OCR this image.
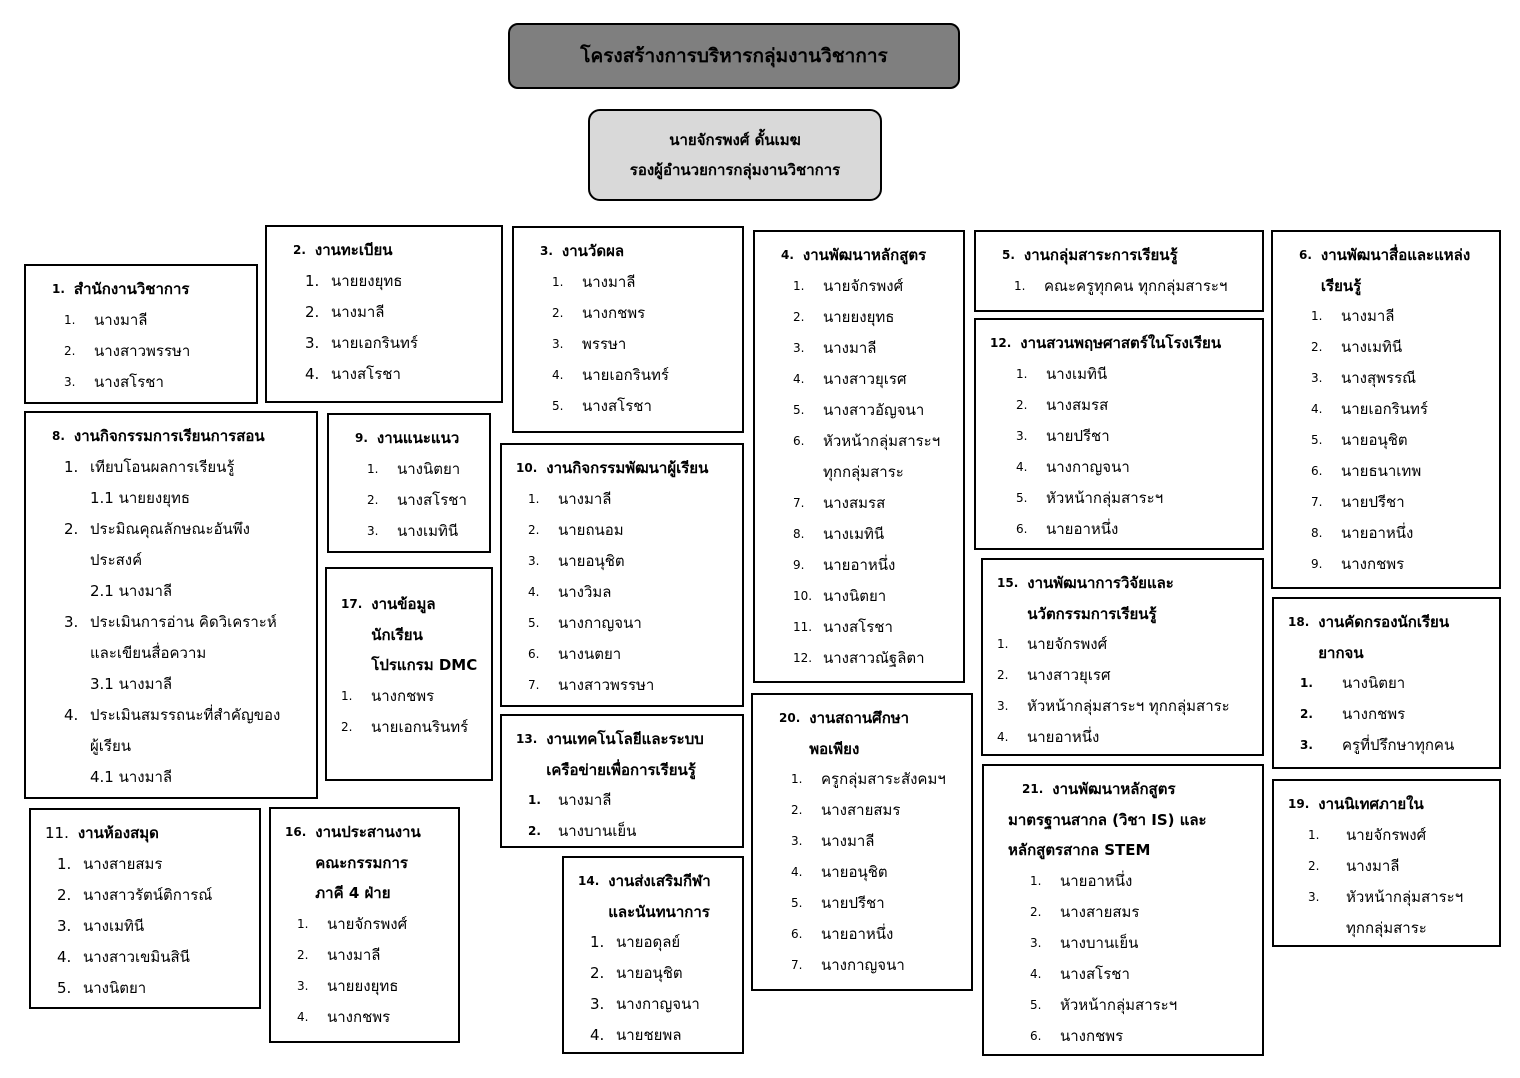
โครงสร้างการบริหารกลุ่มงานวิชาการ
นายจักรพงศ์ ดั้นเมฆ
รองผู้อำนวยการกลุ่มงานวิชาการ
1. สำนักงานวิชาการ
1.	นางมาลี
2.	นางสาวพรรษา
3.	นางสโรชา
2. งานทะเบียน
1. นายยงยุทธ
2. นางมาลี
3. นายเอกรินทร์
4. นางสโรชา
3. งานวัดผล
1.	นางมาลี
2.	นางกชพร
3.	พรรษา
4.	นายเอกรินทร์
5.	นางสโรชา
4. งานพัฒนาหลักสูตร
1.	นายจักรพงศ์
2.	นายยงยุทธ
3.	นางมาลี
4.	นางสาวยุเรศ
5.	นางสาวอัญจนา
6.	หัวหน้ากลุ่มสาระฯ
ทุกกลุ่มสาระ
7.	นางสมรส
8.	นางเมทินี
9.	นายอาหนึ่ง
10. นางนิตยา
11. นางสโรชา
12. นางสาวณัฐลิตา
5. งานกลุ่มสาระการเรียนรู้
1.	คณะครูทุกคน ทุกกลุ่มสาระฯ
6. งานพัฒนาสื่อและแหล่ง
เรียนรู้
1.	นางมาลี
2.	นางเมทินี
3.	นางสุพรรณี
4.	นายเอกรินทร์
5.	นายอนุชิต
6.	นายธนาเทพ
7.	นายปรีชา
8.	นายอาหนึ่ง
9.	นางกชพร
8. งานกิจกรรมการเรียนการสอน
1. เทียบโอนผลการเรียนรู้
1.1 นายยงยุทธ
2. ประมิณคุณลักษณะอันพึง
ประสงค์
2.1 นางมาลี
3. ประเมินการอ่าน คิดวิเคราะห์
และเขียนสื่อความ
3.1 นางมาลี
4. ประเมินสมรรถนะที่สำคัญของ
ผู้เรียน
4.1 นางมาลี
9. งานแนะแนว
1.	นางนิตยา
2.	นางสโรชา
3.	นางเมทินี
10. งานกิจกรรมพัฒนาผู้เรียน
1.	นางมาลี
2.	นายถนอม
3.	นายอนุชิต
4.	นางวิมล
5.	นางกาญจนา
6.	นางนตยา
7.	นางสาวพรรษา
11. งานห้องสมุด
1. นางสายสมร
2. นางสาวรัตน์ติการณ์
3. นางเมทินี
4. นางสาวเขมินสินี
5. นางนิตยา
12. งานสวนพฤษศาสตร์ในโรงเรียน
1.	นางเมทินี
2.	นางสมรส
3.	นายปรีชา
4.	นางกาญจนา
5.	หัวหน้ากลุ่มสาระฯ
6.	นายอาหนึ่ง
13. งานเทคโนโลยีและระบบ
เครือข่ายเพื่อการเรียนรู้
1.	นางมาลี
2.	นางบานเย็น
14. งานส่งเสริมกีฬา
และนันทนาการ
1. นายอดุลย์
2. นายอนุชิต
3. นางกาญจนา
4. นายชยพล
15. งานพัฒนาการวิจัยและ
นวัตกรรมการเรียนรู้
1.	นายจักรพงศ์
2.	นางสาวยุเรศ
3.	หัวหน้ากลุ่มสาระฯ ทุกกลุ่มสาระ
4.	นายอาหนึ่ง
16. งานประสานงาน
คณะกรรมการ
ภาคี 4 ฝ่าย
1.	นายจักรพงศ์
2.	นางมาลี
3.	นายยงยุทธ
4.	นางกชพร
17. งานข้อมูล
นักเรียน
โปรแกรม DMC
1.	นางกชพร
2.	นายเอกนรินทร์
18. งานคัดกรองนักเรียน
ยากจน
1.	นางนิตยา
2.	นางกชพร
3.	ครูที่ปรึกษาทุกคน
19. งานนิเทศภายใน
1.	นายจักรพงศ์
2.	นางมาลี
3.	หัวหน้ากลุ่มสาระฯ
ทุกกลุ่มสาระ
20. งานสถานศึกษา
พอเพียง
1.	ครูกลุ่มสาระสังคมฯ
2.	นางสายสมร
3.	นางมาลี
4.	นายอนุชิต
5.	นายปรีชา
6.	นายอาหนึ่ง
7.	นางกาญจนา
21. งานพัฒนาหลักสูตร
มาตรฐานสากล (วิชา IS) และ
หลักสูตรสากล STEM
1.	นายอาหนึ่ง
2.	นางสายสมร
3.	นางบานเย็น
4.	นางสโรชา
5.	หัวหน้ากลุ่มสาระฯ
6.	นางกชพร
